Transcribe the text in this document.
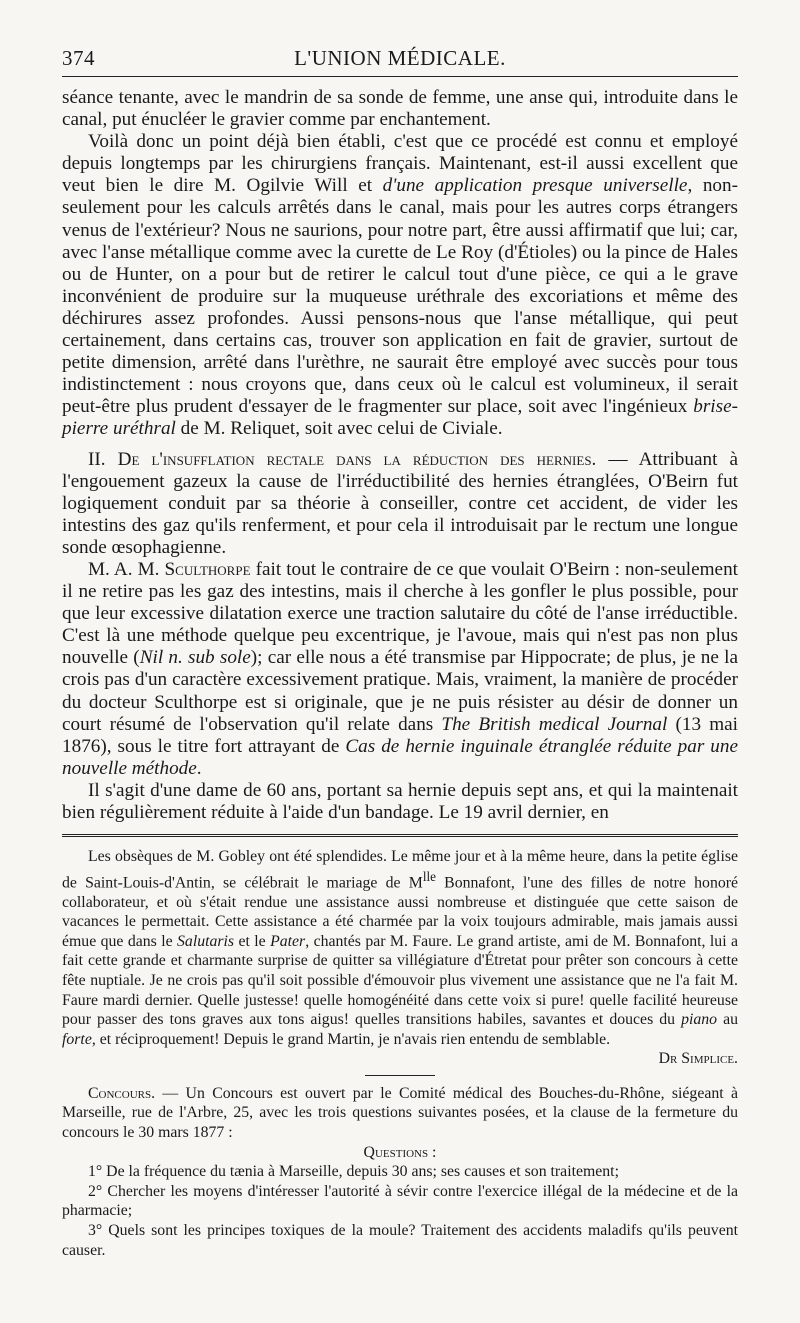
374	L'UNION MÉDICALE.

séance tenante, avec le mandrin de sa sonde de femme, une anse qui, introduite dans le canal, put énucléer le gravier comme par enchantement.

Voilà donc un point déjà bien établi, c'est que ce procédé est connu et employé depuis longtemps par les chirurgiens français. Maintenant, est-il aussi excellent que veut bien le dire M. Ogilvie Will et d'une application presque universelle, non-seulement pour les calculs arrêtés dans le canal, mais pour les autres corps étrangers venus de l'extérieur? Nous ne saurions, pour notre part, être aussi affirmatif que lui; car, avec l'anse métallique comme avec la curette de Le Roy (d'Étioles) ou la pince de Hales ou de Hunter, on a pour but de retirer le calcul tout d'une pièce, ce qui a le grave inconvénient de produire sur la muqueuse uréthrale des excoriations et même des déchirures assez profondes. Aussi pensons-nous que l'anse métallique, qui peut certainement, dans certains cas, trouver son application en fait de gravier, surtout de petite dimension, arrêté dans l'urèthre, ne saurait être employé avec succès pour tous indistinctement : nous croyons que, dans ceux où le calcul est volumineux, il serait peut-être plus prudent d'essayer de le fragmenter sur place, soit avec l'ingénieux brise-pierre uréthral de M. Reliquet, soit avec celui de Civiale.

II. De l'insufflation rectale dans la réduction des hernies. — Attribuant à l'engouement gazeux la cause de l'irréductibilité des hernies étranglées, O'Beirn fut logiquement conduit par sa théorie à conseiller, contre cet accident, de vider les intestins des gaz qu'ils renferment, et pour cela il introduisait par le rectum une longue sonde œsophagienne.

M. A. M. Sculthorpe fait tout le contraire de ce que voulait O'Beirn : non-seulement il ne retire pas les gaz des intestins, mais il cherche à les gonfler le plus possible, pour que leur excessive dilatation exerce une traction salutaire du côté de l'anse irréductible. C'est là une méthode quelque peu excentrique, je l'avoue, mais qui n'est pas non plus nouvelle (Nil n. sub sole); car elle nous a été transmise par Hippocrate; de plus, je ne la crois pas d'un caractère excessivement pratique. Mais, vraiment, la manière de procéder du docteur Sculthorpe est si originale, que je ne puis résister au désir de donner un court résumé de l'observation qu'il relate dans The British medical Journal (13 mai 1876), sous le titre fort attrayant de Cas de hernie inguinale étranglée réduite par une nouvelle méthode.

Il s'agit d'une dame de 60 ans, portant sa hernie depuis sept ans, et qui la maintenait bien régulièrement réduite à l'aide d'un bandage. Le 19 avril dernier, en

Les obsèques de M. Gobley ont été splendides. Le même jour et à la même heure, dans la petite église de Saint-Louis-d'Antin, se célébrait le mariage de $M^{lle}$ Bonnafont, l'une des filles de notre honoré collaborateur, et où s'était rendue une assistance aussi nombreuse et distinguée que cette saison de vacances le permettait. Cette assistance a été charmée par la voix toujours admirable, mais jamais aussi émue que dans le Salutaris et le Pater, chantés par M. Faure. Le grand artiste, ami de M. Bonnafont, lui a fait cette grande et charmante surprise de quitter sa villégiature d'Étretat pour prêter son concours à cette fête nuptiale. Je ne crois pas qu'il soit possible d'émouvoir plus vivement une assistance que ne l'a fait M. Faure mardi dernier. Quelle justesse! quelle homogénéité dans cette voix si pure! quelle facilité heureuse pour passer des tons graves aux tons aigus! quelles transitions habiles, savantes et douces du piano au forte, et réciproquement! Depuis le grand Martin, je n'avais rien entendu de semblable.

Dr Simplice.

Concours. — Un Concours est ouvert par le Comité médical des Bouches-du-Rhône, siégeant à Marseille, rue de l'Arbre, 25, avec les trois questions suivantes posées, et la clause de la fermeture du concours le 30 mars 1877 :

Questions :

1° De la fréquence du tænia à Marseille, depuis 30 ans; ses causes et son traitement;

2° Chercher les moyens d'intéresser l'autorité à sévir contre l'exercice illégal de la médecine et de la pharmacie;

3° Quels sont les principes toxiques de la moule? Traitement des accidents maladifs qu'ils peuvent causer.
